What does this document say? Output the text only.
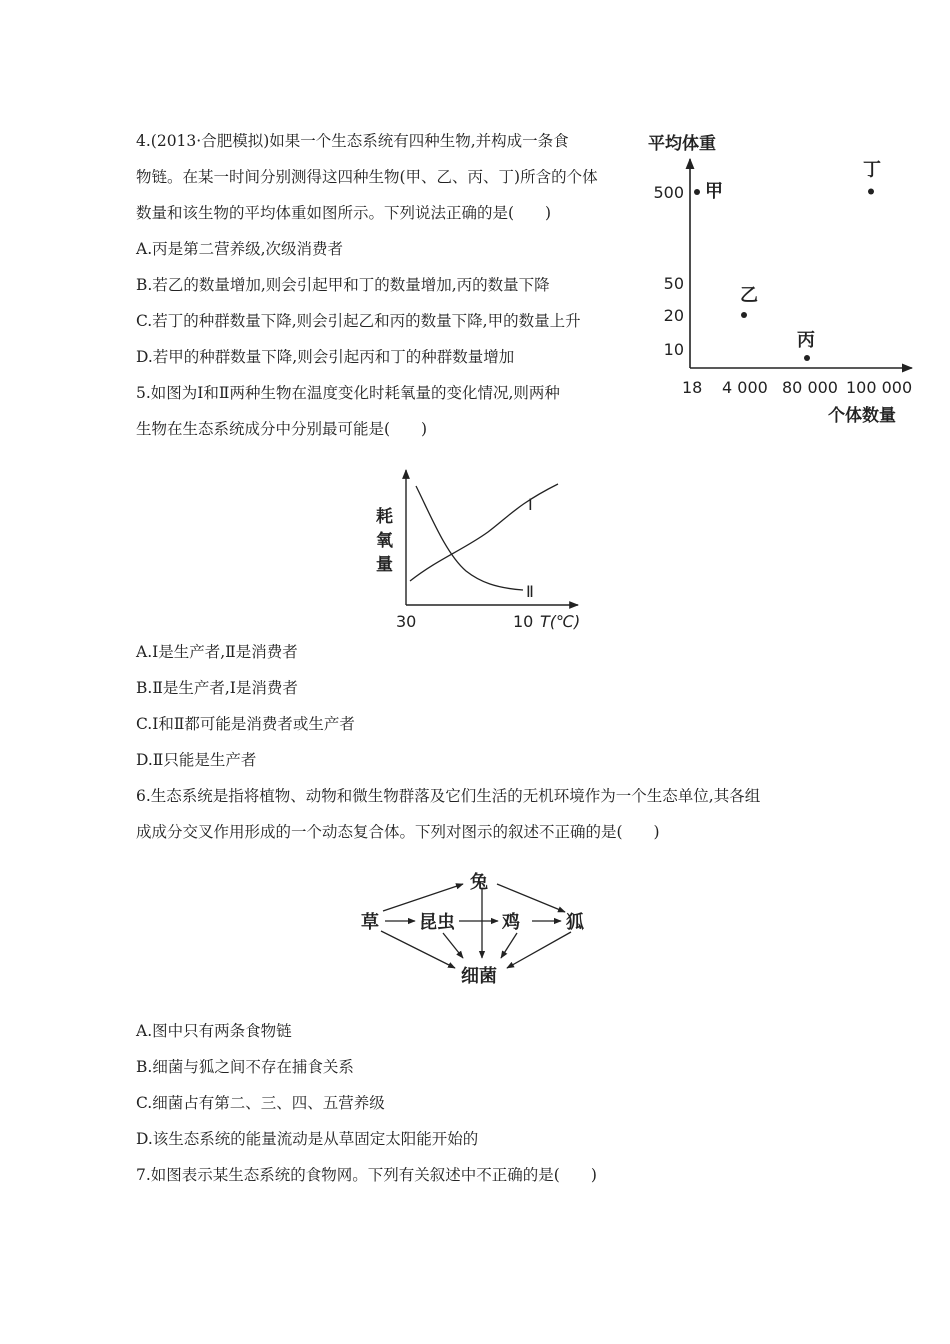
4.(2013·合肥模拟)如果一个生态系统有四种生物,并构成一条食
物链。在某一时间分别测得这四种生物(甲、乙、丙、丁)所含的个体
数量和该生物的平均体重如图所示。下列说法正确的是(　　)
A.丙是第二营养级,次级消费者
B.若乙的数量增加,则会引起甲和丁的数量增加,丙的数量下降
C.若丁的种群数量下降,则会引起乙和丙的数量下降,甲的数量上升
D.若甲的种群数量下降,则会引起丙和丁的种群数量增加
5.如图为Ⅰ和Ⅱ两种生物在温度变化时耗氧量的变化情况,则两种
生物在生态系统成分中分别最可能是(　　)
A.Ⅰ是生产者,Ⅱ是消费者
B.Ⅱ是生产者,Ⅰ是消费者
C.Ⅰ和Ⅱ都可能是消费者或生产者
D.Ⅱ只能是生产者
6.生态系统是指将植物、动物和微生物群落及它们生活的无机环境作为一个生态单位,其各组
成成分交叉作用形成的一个动态复合体。下列对图示的叙述不正确的是(　　)
A.图中只有两条食物链
B.细菌与狐之间不存在捕食关系
C.细菌占有第二、三、四、五营养级
D.该生态系统的能量流动是从草固定太阳能开始的
7.如图表示某生态系统的食物网。下列有关叙述中不正确的是(　　)
平均体重
18 4 000 80 000 100 000
500
50
20
10
甲
乙
丙
丁
个体数量
耗氧量
Ⅰ
Ⅱ
30	10 T(℃)
兔
草 昆虫	鸡	狐
细菌
